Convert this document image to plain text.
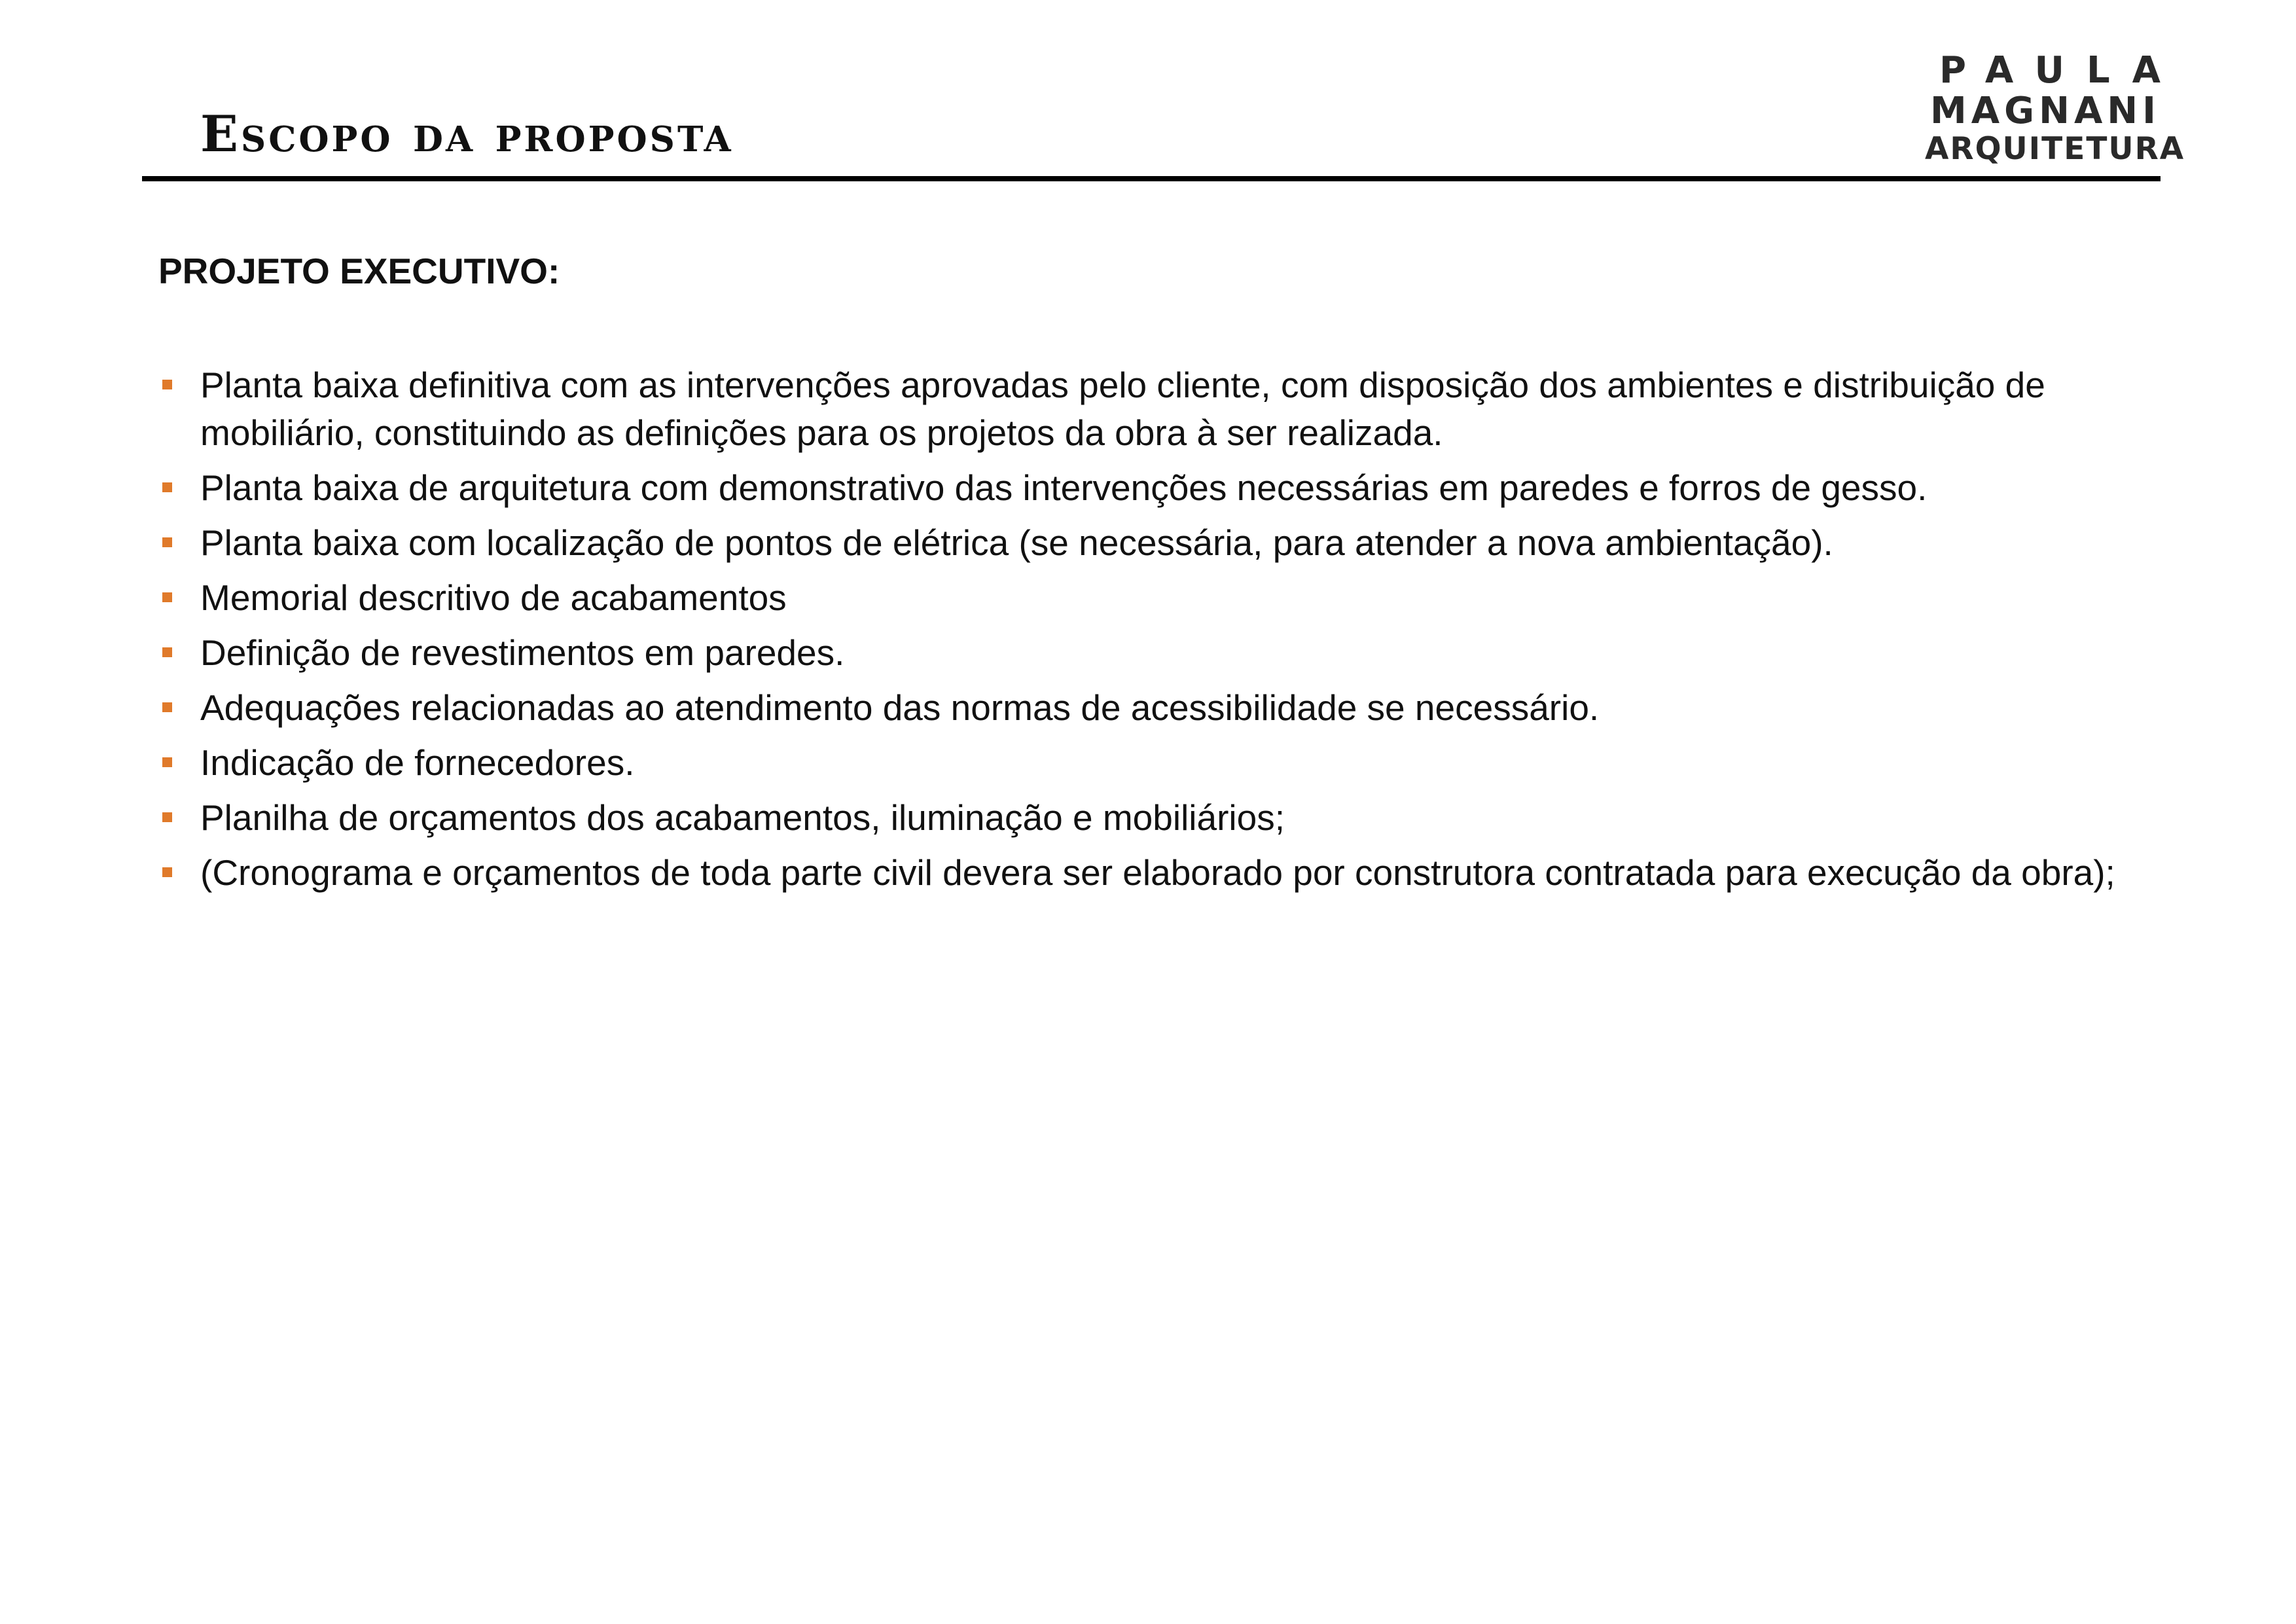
Escopo da proposta
PAULA
MAGNANI
ARQUITETURA
PROJETO EXECUTIVO:
Planta baixa definitiva com as intervenções aprovadas pelo cliente, com disposição dos ambientes e distribuição de mobiliário, constituindo as definições para os projetos da obra à ser realizada.
Planta baixa de arquitetura com demonstrativo das intervenções necessárias em paredes e forros de gesso.
Planta baixa com localização de pontos de elétrica (se necessária, para atender a nova ambientação).
Memorial descritivo de acabamentos
Definição de revestimentos em paredes.
Adequações relacionadas ao atendimento das normas de acessibilidade se necessário.
Indicação de fornecedores.
Planilha de orçamentos dos acabamentos, iluminação e mobiliários;
(Cronograma e orçamentos de toda parte civil devera ser elaborado por construtora contratada para execução da obra);
